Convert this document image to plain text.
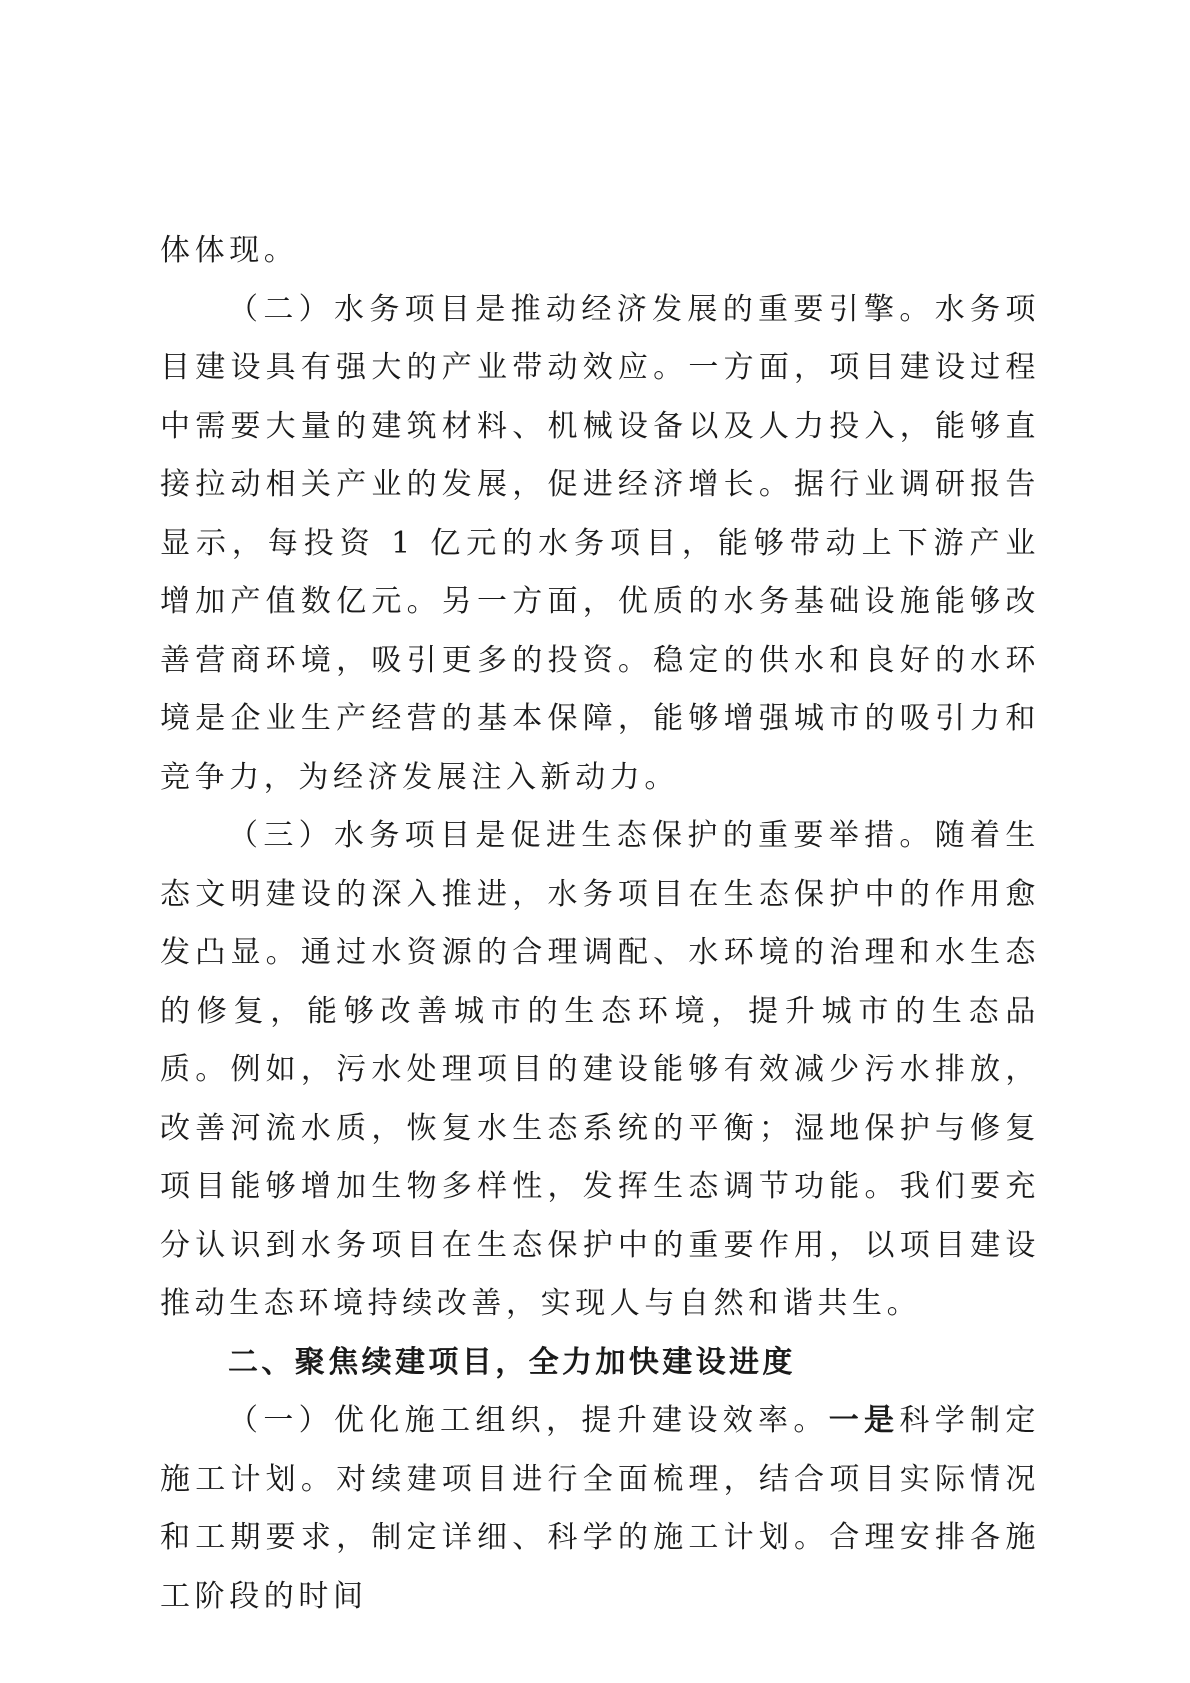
体体现。

（二）水务项目是推动经济发展的重要引擎。水务项目建设具有强大的产业带动效应。一方面，项目建设过程中需要大量的建筑材料、机械设备以及人力投入，能够直接拉动相关产业的发展，促进经济增长。据行业调研报告显示，每投资 1 亿元的水务项目，能够带动上下游产业增加产值数亿元。另一方面，优质的水务基础设施能够改善营商环境，吸引更多的投资。稳定的供水和良好的水环境是企业生产经营的基本保障，能够增强城市的吸引力和竞争力，为经济发展注入新动力。

（三）水务项目是促进生态保护的重要举措。随着生态文明建设的深入推进，水务项目在生态保护中的作用愈发凸显。通过水资源的合理调配、水环境的治理和水生态的修复，能够改善城市的生态环境，提升城市的生态品质。例如，污水处理项目的建设能够有效减少污水排放，改善河流水质，恢复水生态系统的平衡；湿地保护与修复项目能够增加生物多样性，发挥生态调节功能。我们要充分认识到水务项目在生态保护中的重要作用，以项目建设推动生态环境持续改善，实现人与自然和谐共生。

二、聚焦续建项目，全力加快建设进度

（一）优化施工组织，提升建设效率。一是科学制定施工计划。对续建项目进行全面梳理，结合项目实际情况和工期要求，制定详细、科学的施工计划。合理安排各施工阶段的时间
